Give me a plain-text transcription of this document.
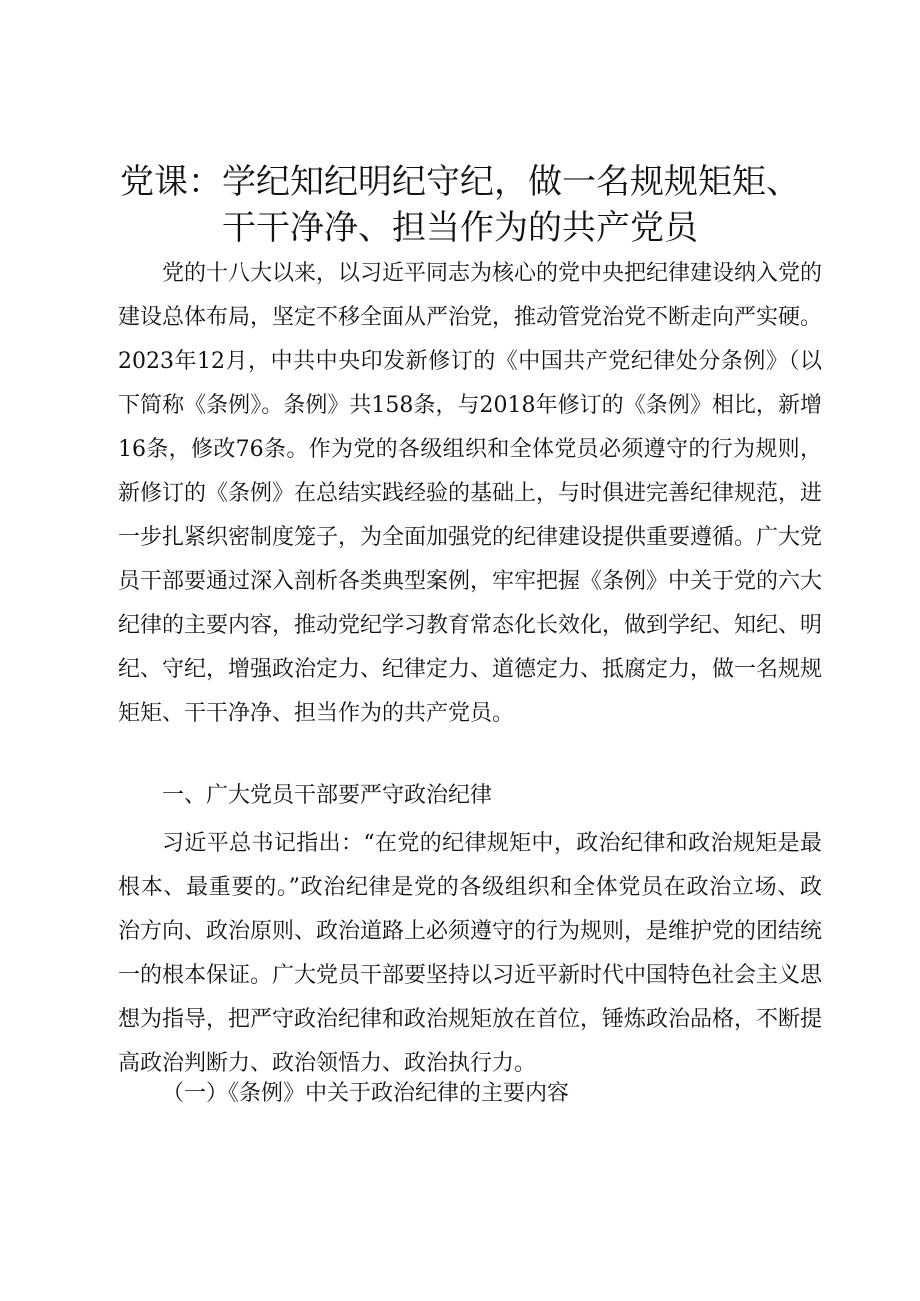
党课：学纪知纪明纪守纪，做一名规规矩矩、
干干净净、担当作为的共产党员

党的十八大以来，以习近平同志为核心的党中央把纪律建设纳入党的建设总体布局，坚定不移全面从严治党，推动管党治党不断走向严实硬。2023年12月，中共中央印发新修订的《中国共产党纪律处分条例》（以下简称《条例》。条例》共158条，与2018年修订的《条例》相比，新增16条，修改76条。作为党的各级组织和全体党员必须遵守的行为规则，新修订的《条例》在总结实践经验的基础上，与时俱进完善纪律规范，进一步扎紧织密制度笼子，为全面加强党的纪律建设提供重要遵循。广大党员干部要通过深入剖析各类典型案例，牢牢把握《条例》中关于党的六大纪律的主要内容，推动党纪学习教育常态化长效化，做到学纪、知纪、明纪、守纪，增强政治定力、纪律定力、道德定力、抵腐定力，做一名规规矩矩、干干净净、担当作为的共产党员。

一、广大党员干部要严守政治纪律

习近平总书记指出：“在党的纪律规矩中，政治纪律和政治规矩是最根本、最重要的。”政治纪律是党的各级组织和全体党员在政治立场、政治方向、政治原则、政治道路上必须遵守的行为规则，是维护党的团结统一的根本保证。广大党员干部要坚持以习近平新时代中国特色社会主义思想为指导，把严守政治纪律和政治规矩放在首位，锤炼政治品格，不断提高政治判断力、政治领悟力、政治执行力。

（一）《条例》中关于政治纪律的主要内容
